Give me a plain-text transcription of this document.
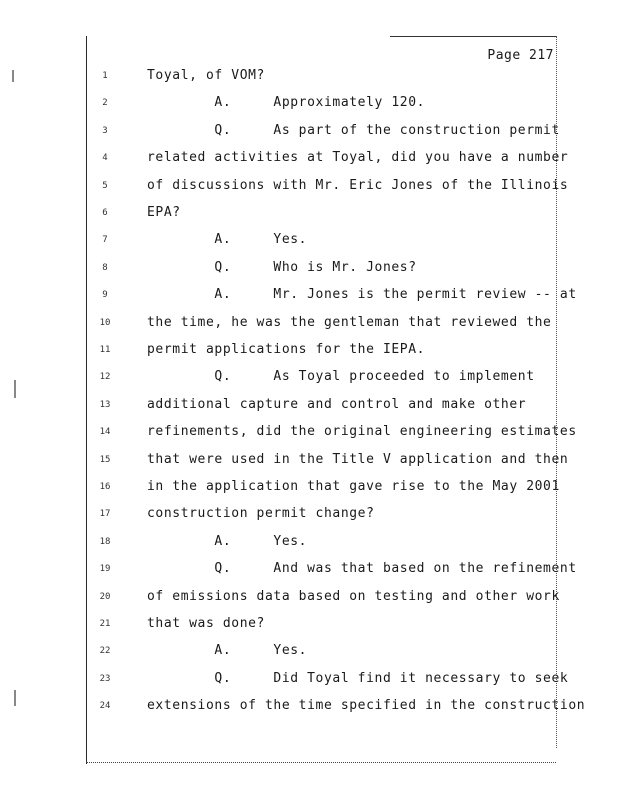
Page 217
1	Toyal, of VOM?
2	A.     Approximately 120.
3	Q.     As part of the construction permit
4	related activities at Toyal, did you have a number
5	of discussions with Mr. Eric Jones of the Illinois
6	EPA?
7	A.     Yes.
8	Q.     Who is Mr. Jones?
9	A.     Mr. Jones is the permit review -- at
10	the time, he was the gentleman that reviewed the
11	permit applications for the IEPA.
12	Q.     As Toyal proceeded to implement
13	additional capture and control and make other
14	refinements, did the original engineering estimates
15	that were used in the Title V application and then
16	in the application that gave rise to the May 2001
17	construction permit change?
18	A.     Yes.
19	Q.     And was that based on the refinement
20	of emissions data based on testing and other work
21	that was done?
22	A.     Yes.
23	Q.     Did Toyal find it necessary to seek
24	extensions of the time specified in the construction
